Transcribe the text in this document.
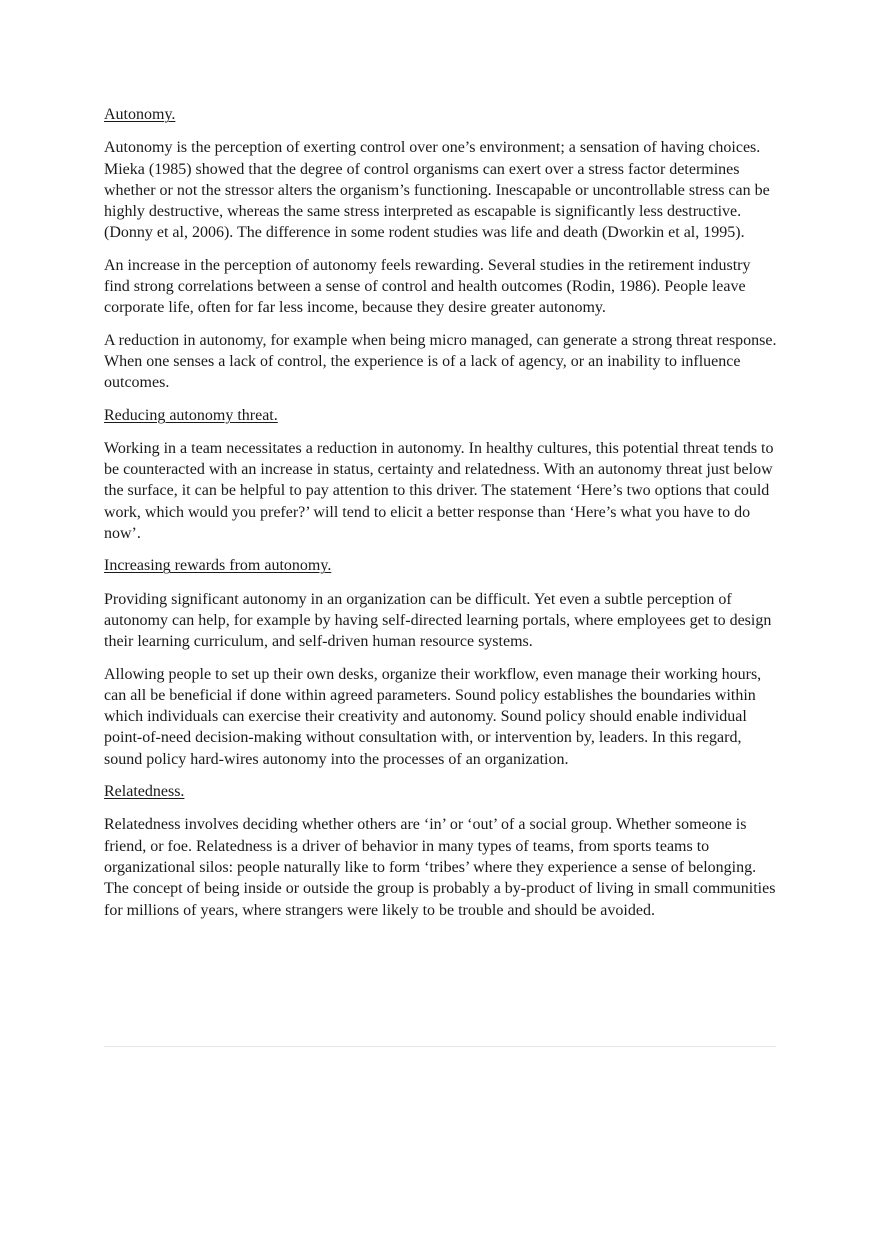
Autonomy.

Autonomy is the perception of exerting control over one’s environment; a sensation of having choices. Mieka (1985) showed that the degree of control organisms can exert over a stress factor determines whether or not the stressor alters the organism’s functioning. Inescapable or uncontrollable stress can be highly destructive, whereas the same stress interpreted as escapable is significantly less destructive. (Donny et al, 2006). The difference in some rodent studies was life and death (Dworkin et al, 1995).

An increase in the perception of autonomy feels rewarding. Several studies in the retirement industry find strong correlations between a sense of control and health outcomes (Rodin, 1986). People leave corporate life, often for far less income, because they desire greater autonomy.

A reduction in autonomy, for example when being micro managed, can generate a strong threat response. When one senses a lack of control, the experience is of a lack of agency, or an inability to influence outcomes.

Reducing autonomy threat.

Working in a team necessitates a reduction in autonomy. In healthy cultures, this potential threat tends to be counteracted with an increase in status, certainty and relatedness. With an autonomy threat just below the surface, it can be helpful to pay attention to this driver. The statement ‘Here’s two options that could work, which would you prefer?’ will tend to elicit a better response than ‘Here’s what you have to do now’.

Increasing rewards from autonomy.

Providing significant autonomy in an organization can be difficult. Yet even a subtle perception of autonomy can help, for example by having self-directed learning portals, where employees get to design their learning curriculum, and self-driven human resource systems.

Allowing people to set up their own desks, organize their workflow, even manage their working hours, can all be beneficial if done within agreed parameters. Sound policy establishes the boundaries within which individuals can exercise their creativity and autonomy. Sound policy should enable individual point-of-need decision-making without consultation with, or intervention by, leaders. In this regard, sound policy hard-wires autonomy into the processes of an organization.

Relatedness.

Relatedness involves deciding whether others are ‘in’ or ‘out’ of a social group. Whether someone is friend, or foe. Relatedness is a driver of behavior in many types of teams, from sports teams to organizational silos: people naturally like to form ‘tribes’ where they experience a sense of belonging. The concept of being inside or outside the group is probably a by-product of living in small communities for millions of years, where strangers were likely to be trouble and should be avoided.
